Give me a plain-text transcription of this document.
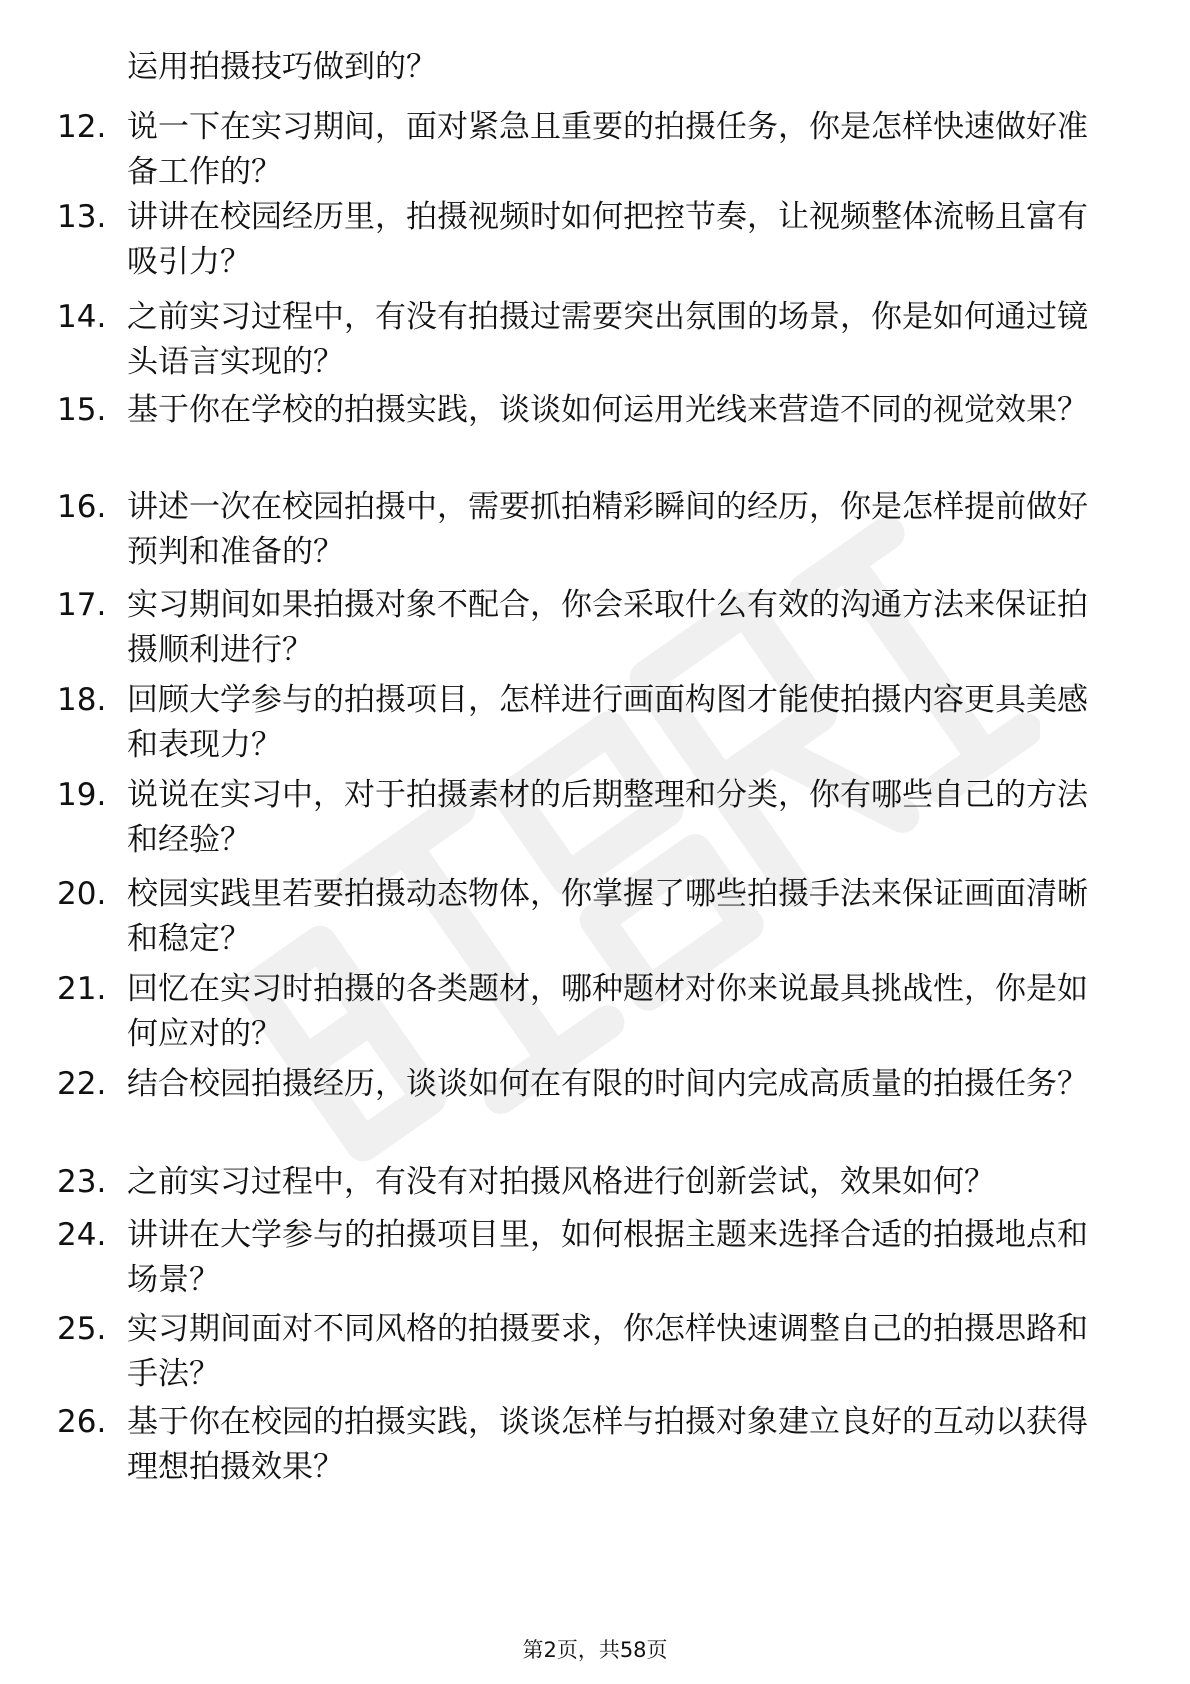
运用拍摄技巧做到的？
12. 说一下在实习期间，面对紧急且重要的拍摄任务，你是怎样快速做好准备工作的？
13. 讲讲在校园经历里，拍摄视频时如何把控节奏，让视频整体流畅且富有吸引力？
14. 之前实习过程中，有没有拍摄过需要突出氛围的场景，你是如何通过镜头语言实现的？
15. 基于你在学校的拍摄实践，谈谈如何运用光线来营造不同的视觉效果？
16. 讲述一次在校园拍摄中，需要抓拍精彩瞬间的经历，你是怎样提前做好预判和准备的？
17. 实习期间如果拍摄对象不配合，你会采取什么有效的沟通方法来保证拍摄顺利进行？
18. 回顾大学参与的拍摄项目，怎样进行画面构图才能使拍摄内容更具美感和表现力？
19. 说说在实习中，对于拍摄素材的后期整理和分类，你有哪些自己的方法和经验？
20. 校园实践里若要拍摄动态物体，你掌握了哪些拍摄手法来保证画面清晰和稳定？
21. 回忆在实习时拍摄的各类题材，哪种题材对你来说最具挑战性，你是如何应对的？
22. 结合校园拍摄经历，谈谈如何在有限的时间内完成高质量的拍摄任务？
23. 之前实习过程中，有没有对拍摄风格进行创新尝试，效果如何？
24. 讲讲在大学参与的拍摄项目里，如何根据主题来选择合适的拍摄地点和场景？
25. 实习期间面对不同风格的拍摄要求，你怎样快速调整自己的拍摄思路和手法？
26. 基于你在校园的拍摄实践，谈谈怎样与拍摄对象建立良好的互动以获得理想拍摄效果？
第2页，共58页
